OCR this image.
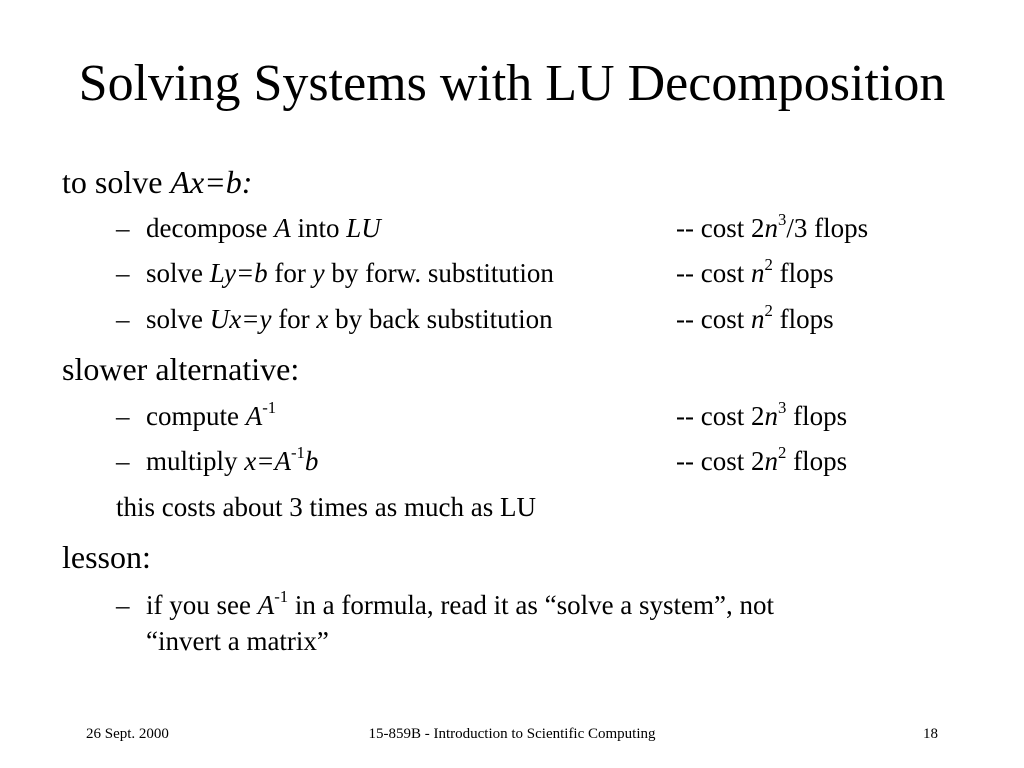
Solving Systems with LU Decomposition
to solve Ax=b:
– decompose A into LU	-- cost $2n^3/3$ flops
– solve Ly=b for y by forw. substitution	-- cost $n^2$ flops
– solve Ux=y for x by back substitution	-- cost $n^2$ flops
slower alternative:
– compute $A^{-1}$	-- cost $2n^3$ flops
– multiply $x=A^{-1}b$	-- cost $2n^2$ flops
this costs about 3 times as much as LU
lesson:
– if you see $A^{-1}$ in a formula, read it as “solve a system”, not
“invert a matrix”
26 Sept. 2000	15-859B - Introduction to Scientific Computing	18
